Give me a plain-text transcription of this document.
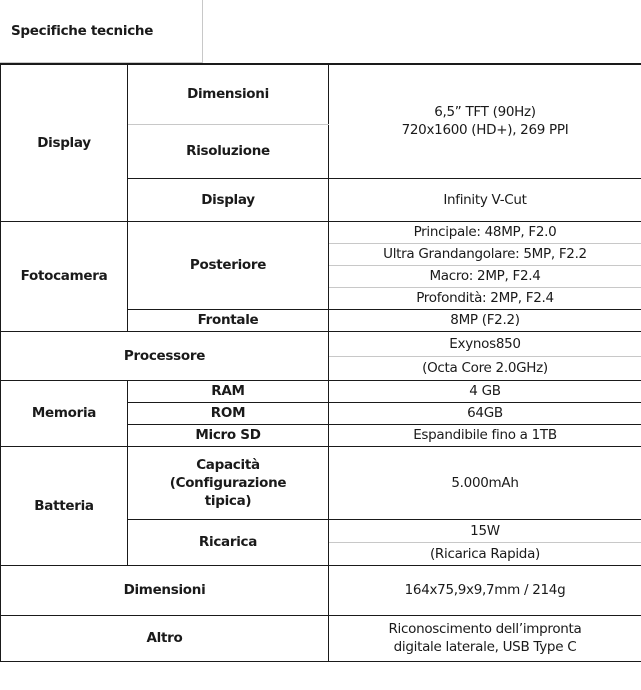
Specifiche tecniche
Display	Dimensioni	6,5” TFT (90Hz)
720x1600 (HD+), 269 PPI

	Risoluzione	
	Display	Infinity V-Cut
Fotocamera	Posteriore	Principale: 48MP, F2.0
		Ultra Grandangolare: 5MP, F2.2
		Macro: 2MP, F2.4
		Profondità: 2MP, F2.4
	Frontale	8MP (F2.2)
Processore		Exynos850
		(Octa Core 2.0GHz)
Memoria	RAM	4 GB
	ROM	64GB
	Micro SD	Espandibile fino a 1TB
Batteria	Capacità
(Configurazione
tipica)	5.000mAh
	Ricarica	15W
		(Ricarica Rapida)
Dimensioni		164x75,9x9,7mm / 214g
Altro		Riconoscimento dell’impronta
digitale laterale, USB Type C
